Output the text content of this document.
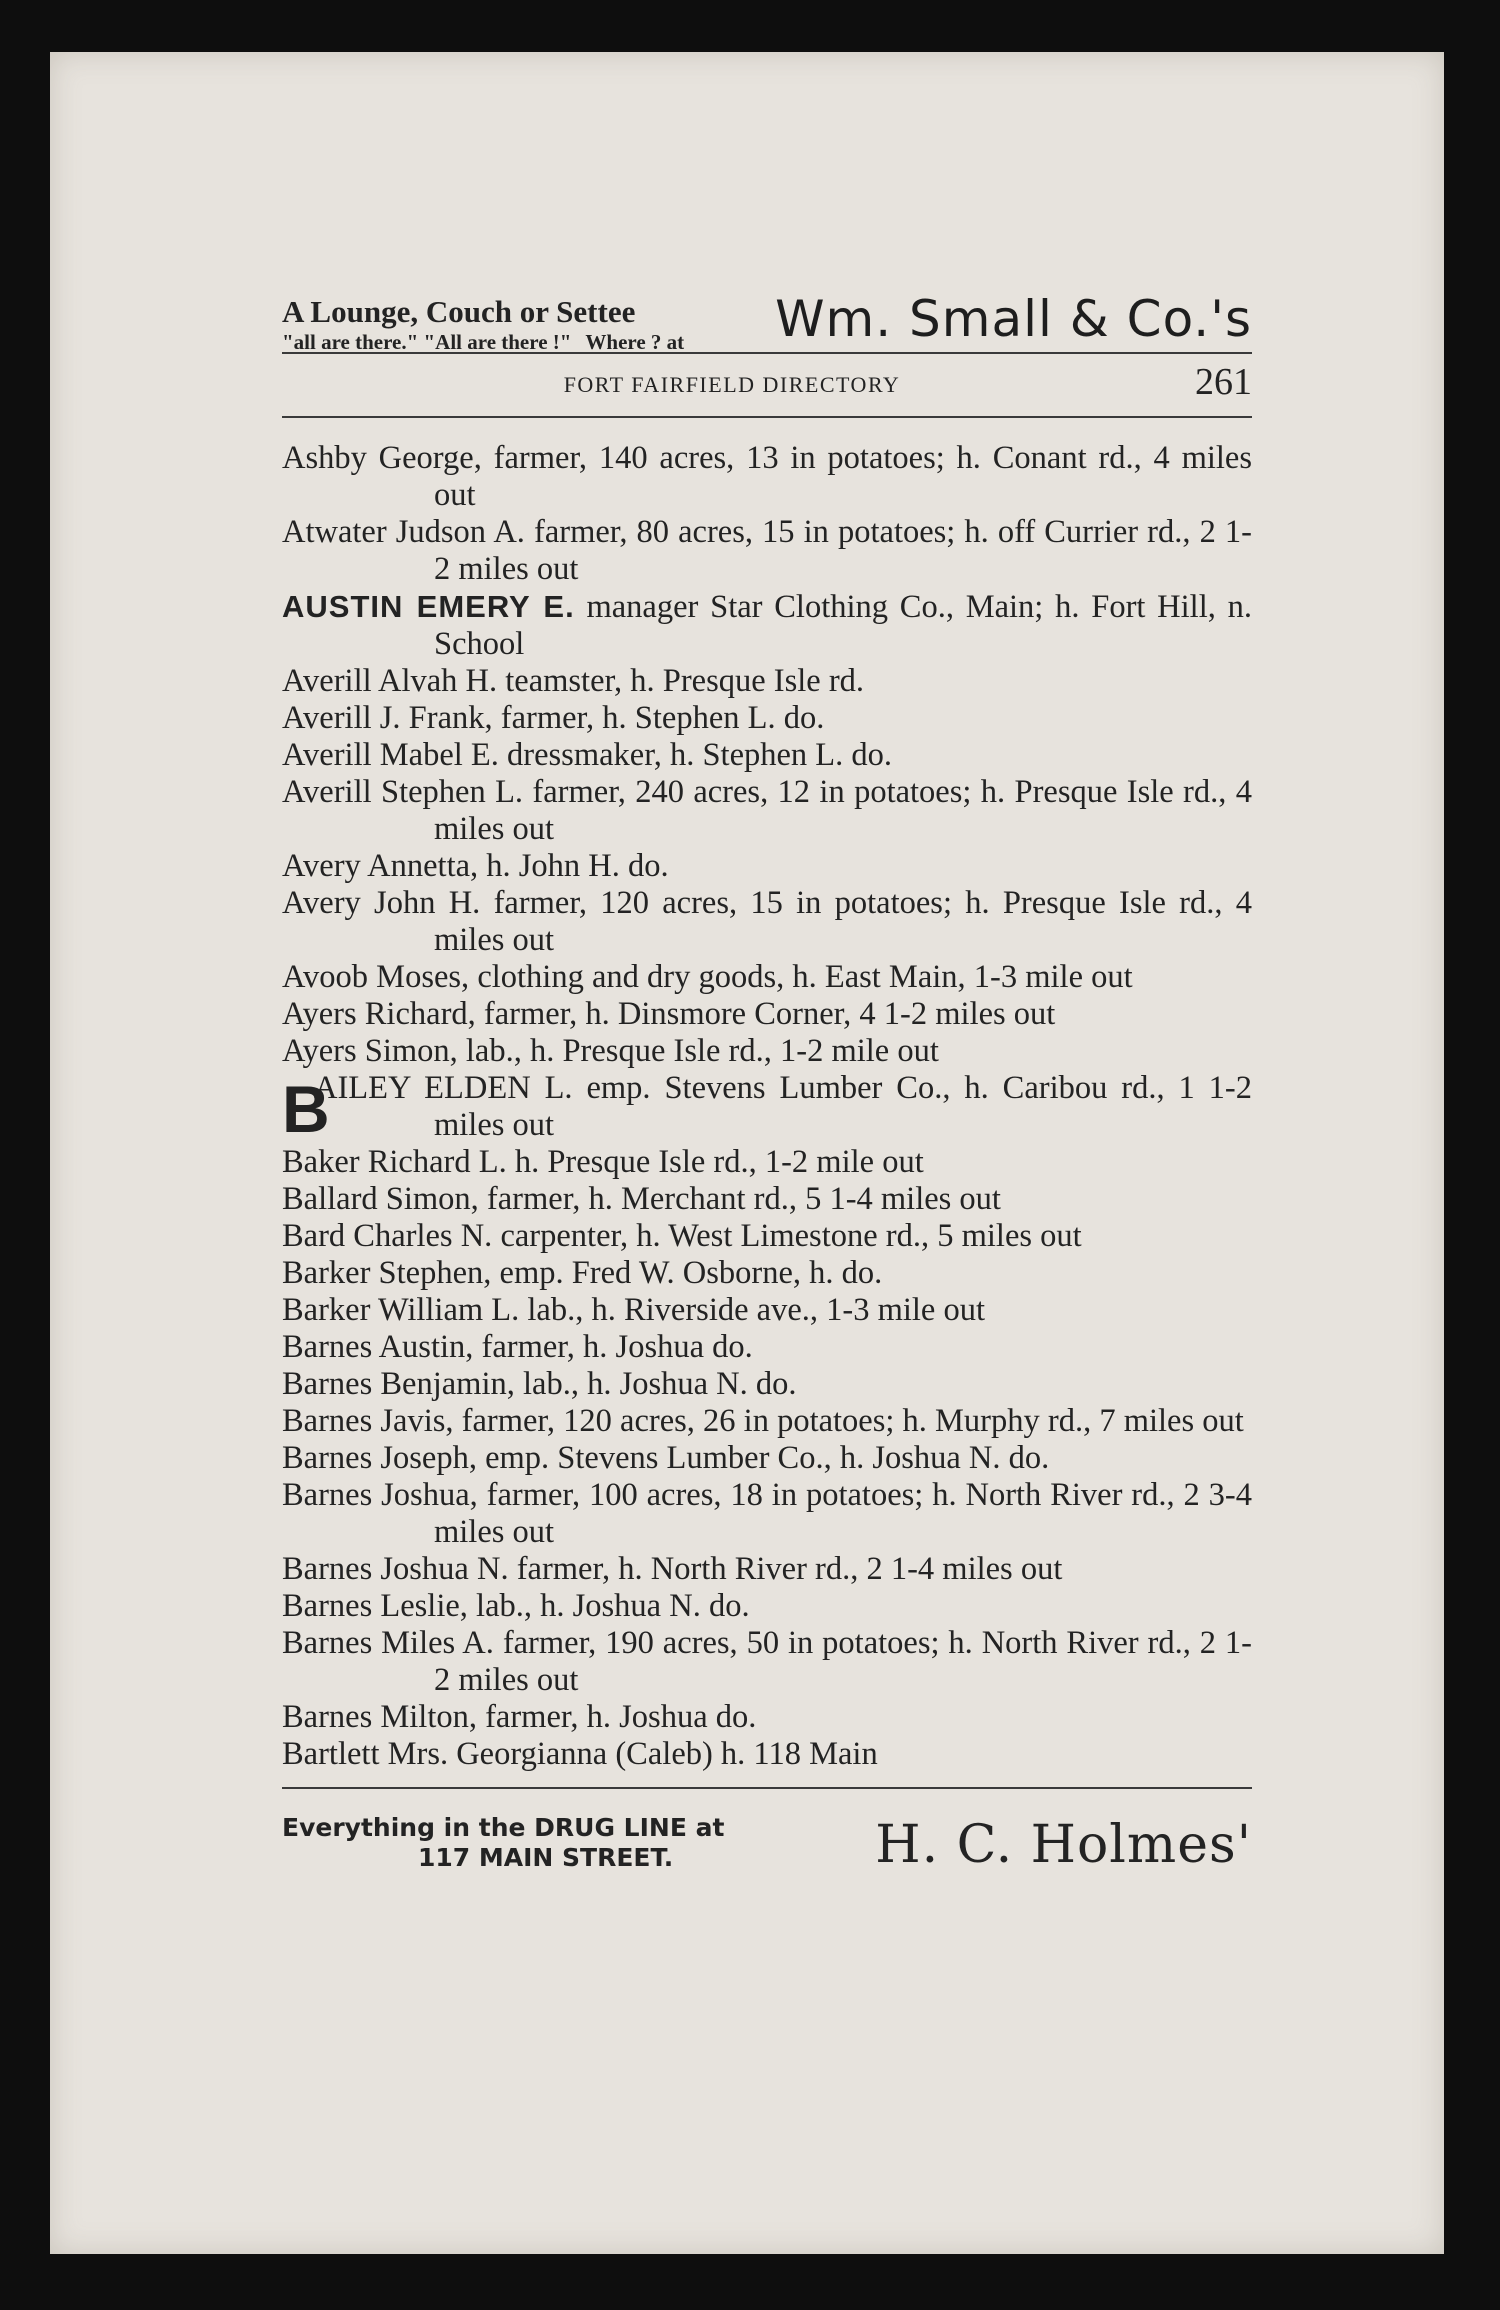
A Lounge, Couch or Settee
"all are there." "All are there !" Where ? at Wm. Small & Co.'s
FORT FAIRFIELD DIRECTORY	261
Ashby George, farmer, 140 acres, 13 in potatoes; h. Conant rd., 4 miles out
Atwater Judson A. farmer, 80 acres, 15 in potatoes; h. off Currier rd., 2 1-2 miles out
AUSTIN EMERY E. manager Star Clothing Co., Main; h. Fort Hill, n. School
Averill Alvah H. teamster, h. Presque Isle rd.
Averill J. Frank, farmer, h. Stephen L. do.
Averill Mabel E. dressmaker, h. Stephen L. do.
Averill Stephen L. farmer, 240 acres, 12 in potatoes; h. Presque Isle rd., 4 miles out
Avery Annetta, h. John H. do.
Avery John H. farmer, 120 acres, 15 in potatoes; h. Presque Isle rd., 4 miles out
Avoob Moses, clothing and dry goods, h. East Main, 1-3 mile out
Ayers Richard, farmer, h. Dinsmore Corner, 4 1-2 miles out
Ayers Simon, lab., h. Presque Isle rd., 1-2 mile out
B
AILEY ELDEN L. emp. Stevens Lumber Co., h. Caribou rd., 1 1-2 miles out
Baker Richard L. h. Presque Isle rd., 1-2 mile out
Ballard Simon, farmer, h. Merchant rd., 5 1-4 miles out
Bard Charles N. carpenter, h. West Limestone rd., 5 miles out
Barker Stephen, emp. Fred W. Osborne, h. do.
Barker William L. lab., h. Riverside ave., 1-3 mile out
Barnes Austin, farmer, h. Joshua do.
Barnes Benjamin, lab., h. Joshua N. do.
Barnes Javis, farmer, 120 acres, 26 in potatoes; h. Murphy rd., 7 miles out
Barnes Joseph, emp. Stevens Lumber Co., h. Joshua N. do.
Barnes Joshua, farmer, 100 acres, 18 in potatoes; h. North River rd., 2 3-4 miles out
Barnes Joshua N. farmer, h. North River rd., 2 1-4 miles out
Barnes Leslie, lab., h. Joshua N. do.
Barnes Miles A. farmer, 190 acres, 50 in potatoes; h. North River rd., 2 1-2 miles out
Barnes Milton, farmer, h. Joshua do.
Bartlett Mrs. Georgianna (Caleb) h. 118 Main
Everything in the DRUG LINE at
117 MAIN STREET.	H. C. Holmes'
